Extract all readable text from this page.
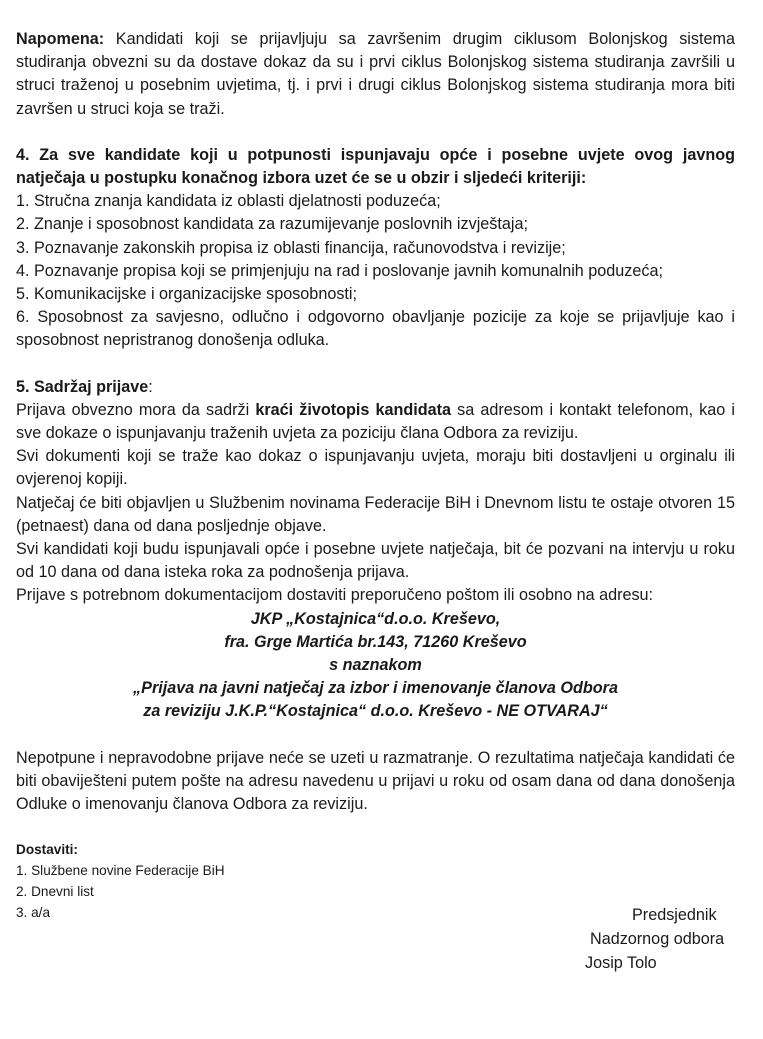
Napomena: Kandidati koji se prijavljuju sa završenim drugim ciklusom Bolonjskog sistema studiranja obvezni su da dostave dokaz da su i prvi ciklus Bolonjskog sistema studiranja završili u struci traženoj u posebnim uvjetima, tj. i prvi i drugi ciklus Bolonjskog sistema studiranja mora biti završen u struci koja se traži.

4. Za sve kandidate koji u potpunosti ispunjavaju opće i posebne uvjete ovog javnog natječaja u postupku konačnog izbora uzet će se u obzir i sljedeći kriteriji:

1. Stručna znanja kandidata iz oblasti djelatnosti poduzeća;

2. Znanje i sposobnost kandidata za razumijevanje poslovnih izvještaja;

3. Poznavanje zakonskih propisa iz oblasti financija, računovodstva i revizije;

4. Poznavanje propisa koji se primjenjuju na rad i poslovanje javnih komunalnih poduzeća;

5. Komunikacijske i organizacijske sposobnosti;

6. Sposobnost za savjesno, odlučno i odgovorno obavljanje pozicije za koje se prijavljuje kao i sposobnost nepristranog donošenja odluka.

5. Sadržaj prijave:

Prijava obvezno mora da sadrži kraći životopis kandidata sa adresom i kontakt telefonom, kao i sve dokaze o ispunjavanju traženih uvjeta za poziciju člana Odbora za reviziju.

Svi dokumenti koji se traže kao dokaz o ispunjavanju uvjeta, moraju biti dostavljeni u orginalu ili ovjerenoj kopiji.

Natječaj će biti objavljen u Službenim novinama Federacije BiH i Dnevnom listu te ostaje otvoren 15 (petnaest) dana od dana posljednje objave.

Svi kandidati koji budu ispunjavali opće i posebne uvjete natječaja, bit će pozvani na intervju u roku od 10 dana od dana isteka roka za podnošenja prijava.

Prijave s potrebnom dokumentacijom dostaviti preporučeno poštom ili osobno na adresu:

JKP „Kostajnica“d.o.o. Kreševo,

fra. Grge Martića br.143, 71260 Kreševo

s naznakom

„Prijava na javni natječaj za izbor i imenovanje članova Odbora

za reviziju J.K.P.“Kostajnica“ d.o.o. Kreševo - NE OTVARAJ“

Nepotpune i nepravodobne prijave neće se uzeti u razmatranje. O rezultatima natječaja kandidati će biti obaviješteni putem pošte na adresu navedenu u prijavi u roku od osam dana od dana donošenja Odluke o imenovanju članova Odbora za reviziju.

Dostaviti:

1. Službene novine Federacije BiH

2. Dnevni list

3. a/a	Predsjednik
Nadzornog odbora
Josip Tolo
